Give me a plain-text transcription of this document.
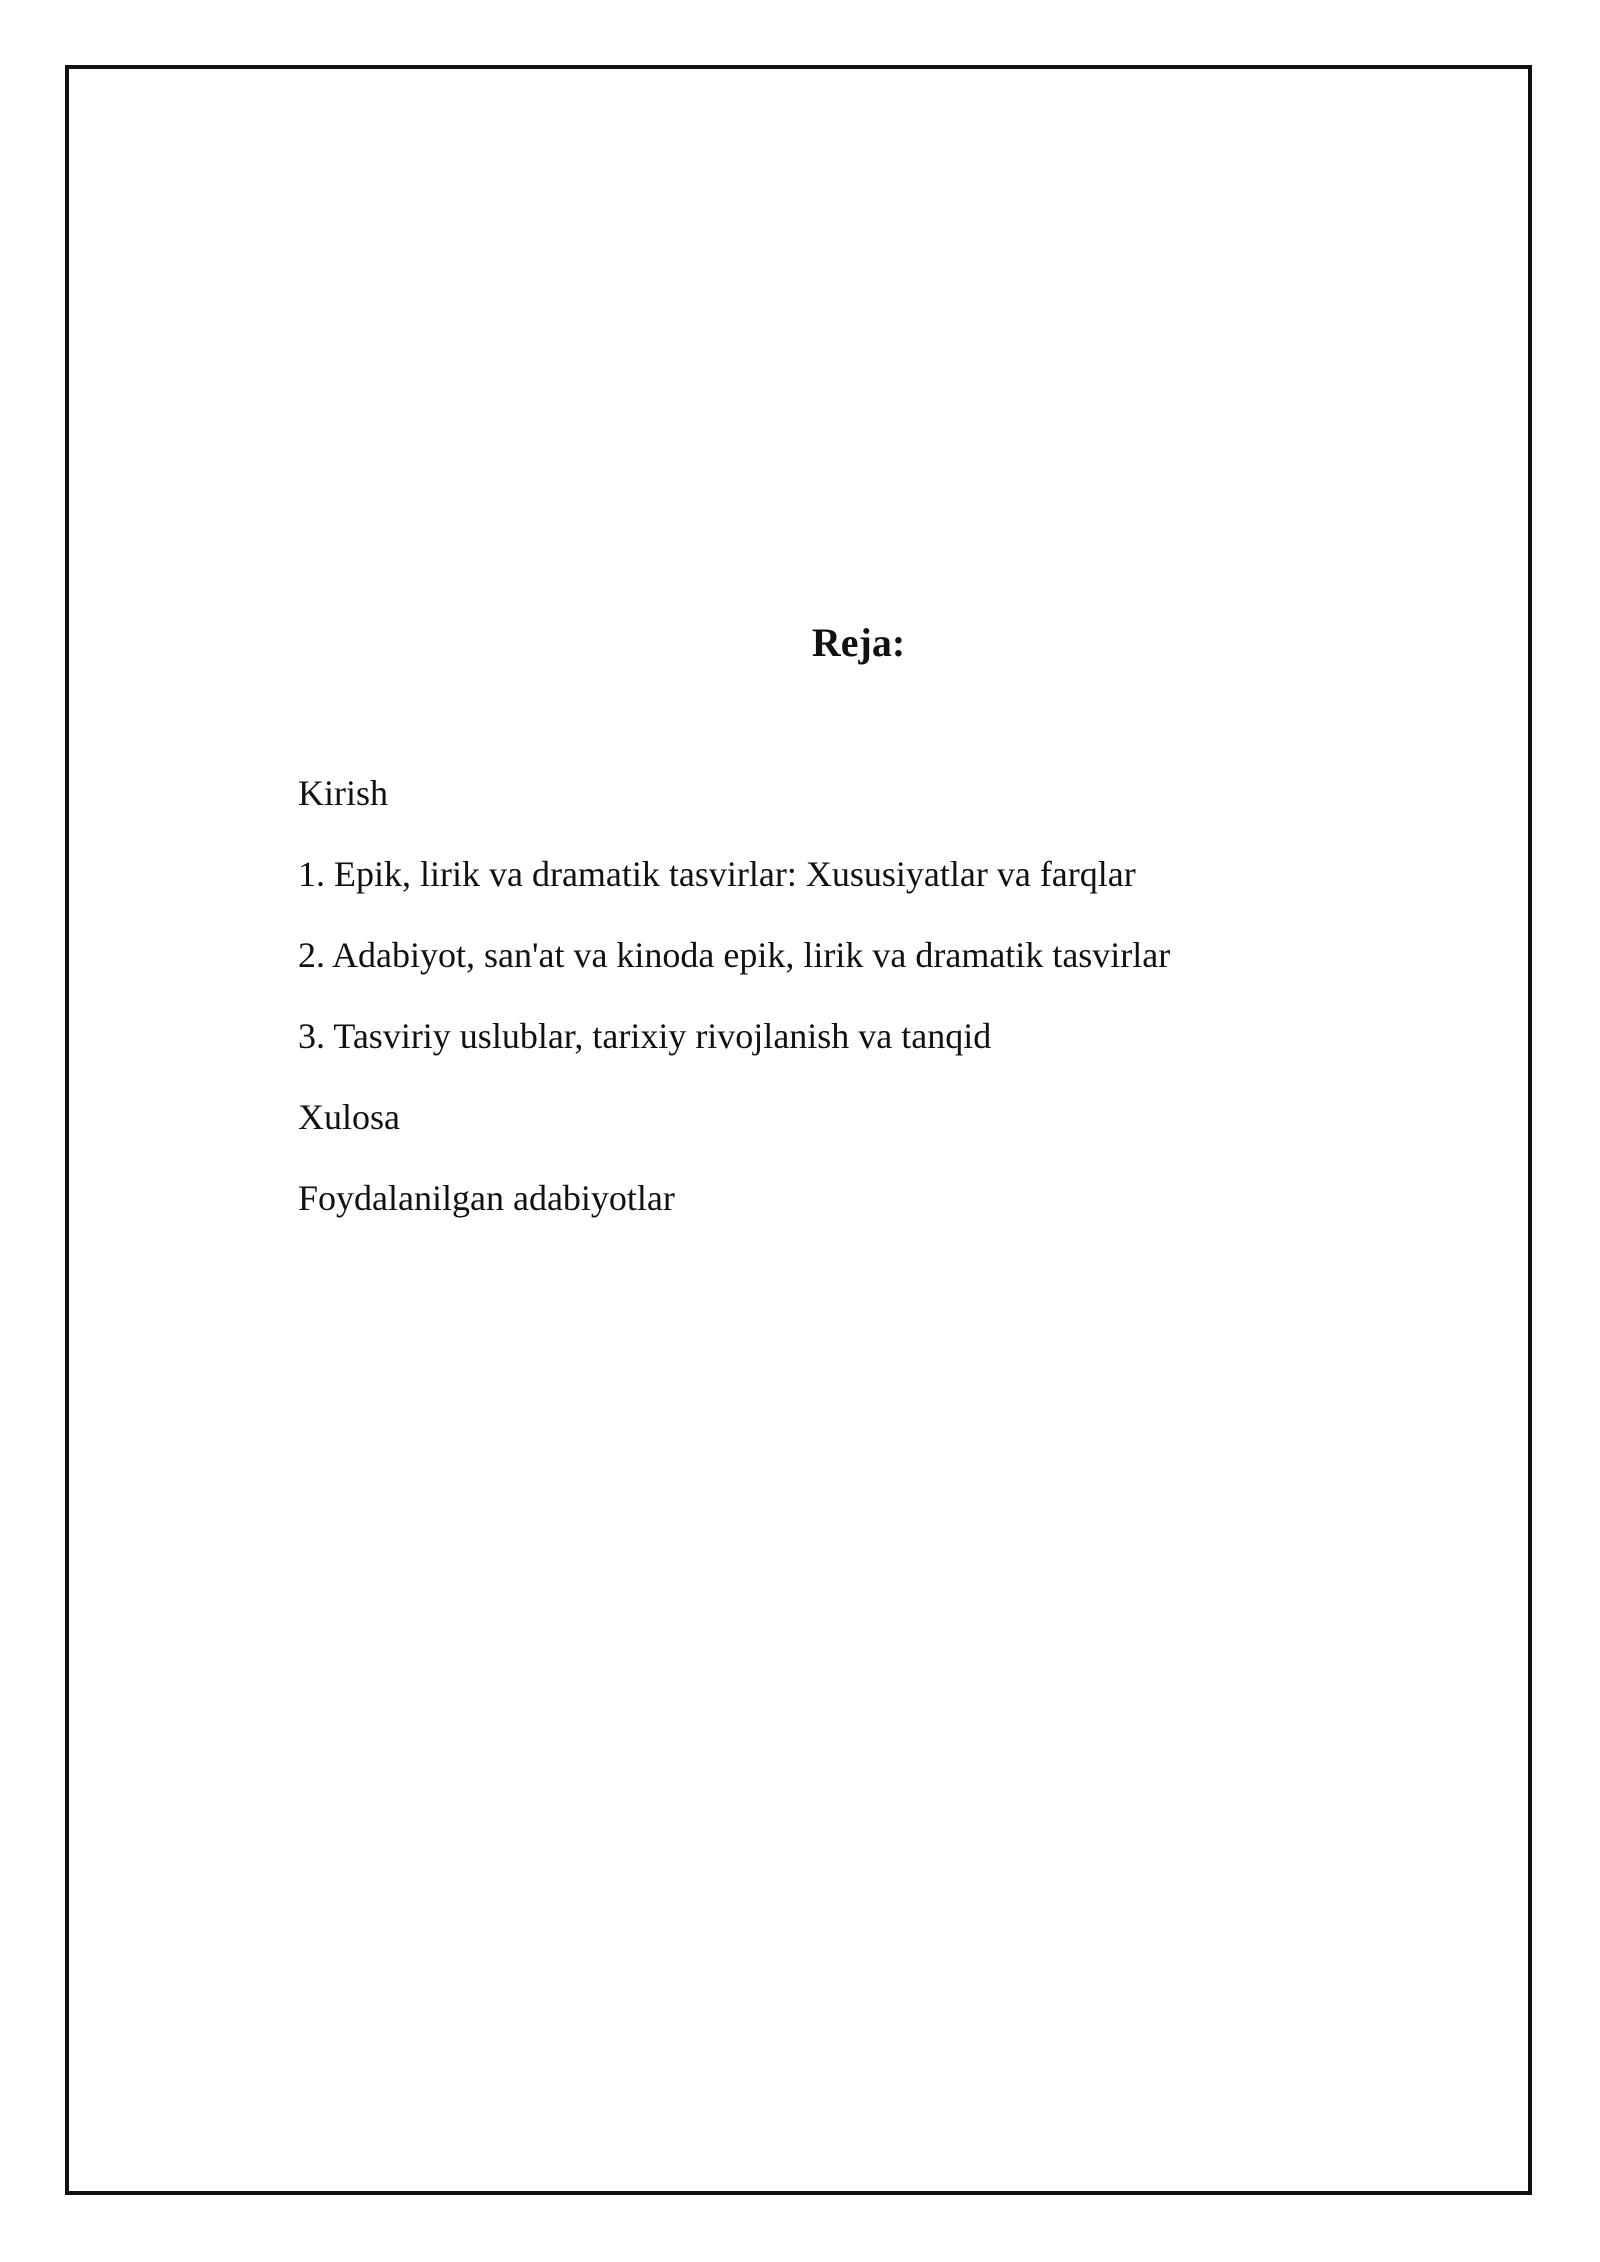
Reja:
Kirish
1. Epik, lirik va dramatik tasvirlar: Xususiyatlar va farqlar
2. Adabiyot, san'at va kinoda epik, lirik va dramatik tasvirlar
3. Tasviriy uslublar, tarixiy rivojlanish va tanqid
Xulosa
Foydalanilgan adabiyotlar
